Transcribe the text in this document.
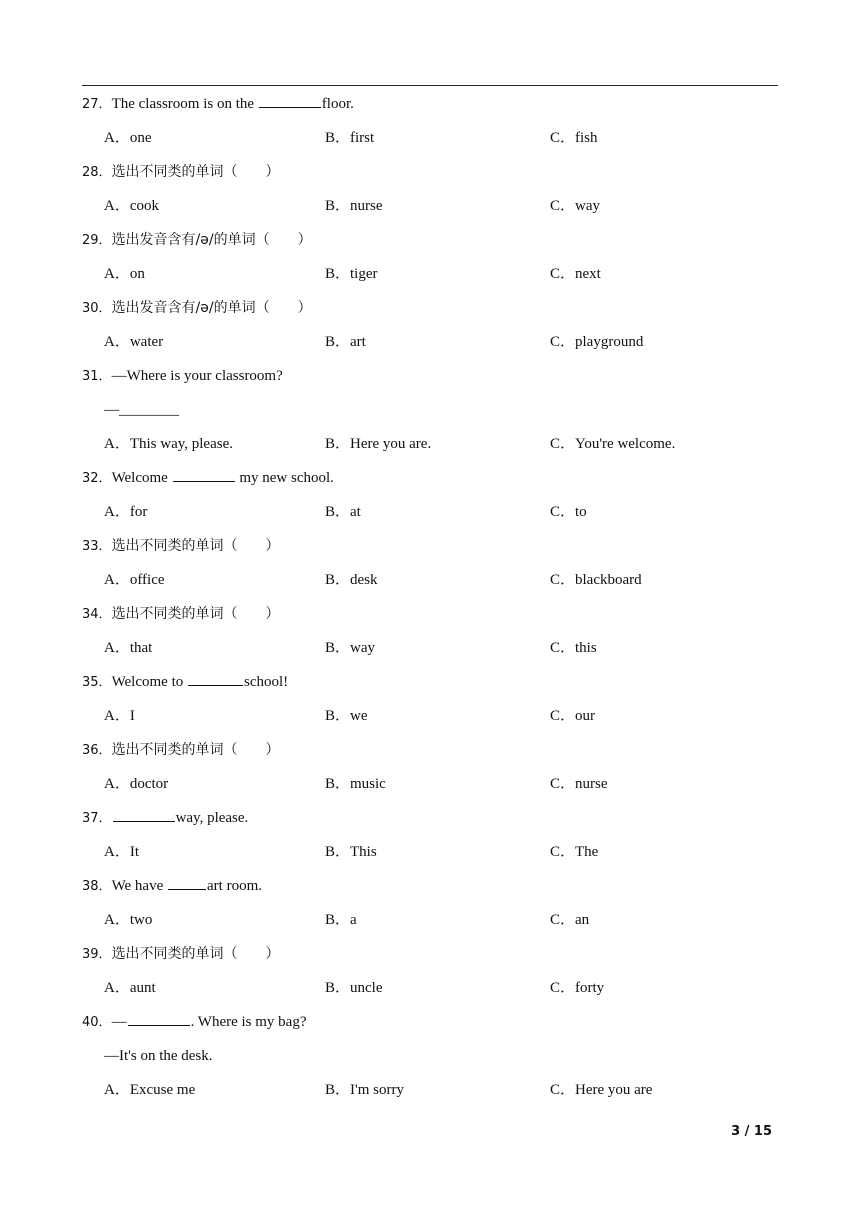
27．The classroom is on the	floor.
A．one	B．first	C．fish
28．选出不同类的单词（　　）
A．cook	B．nurse	C．way
29．选出发音含有/ə/的单词（　　）
A．on	B．tiger	C．next
30．选出发音含有/ə/的单词（　　）
A．water	B．art	C．playground
31．—Where is your classroom?
—________
A．This way, please.	B．Here you are.	C．You're welcome.
32．Welcome	my new school.
A．for	B．at	C．to
33．选出不同类的单词（　　）
A．office	B．desk	C．blackboard
34．选出不同类的单词（　　）
A．that	B．way	C．this
35．Welcome to	school!
A．I	B．we	C．our
36．选出不同类的单词（　　）
A．doctor	B．music	C．nurse
37．	way, please.
A．It	B．This	C．The
38．We have	art room.
A．two	B．a	C．an
39．选出不同类的单词（　　）
A．aunt	B．uncle	C．forty
40．—	. Where is my bag?
—It's on the desk.
A．Excuse me	B．I'm sorry	C．Here you are
3 / 15
